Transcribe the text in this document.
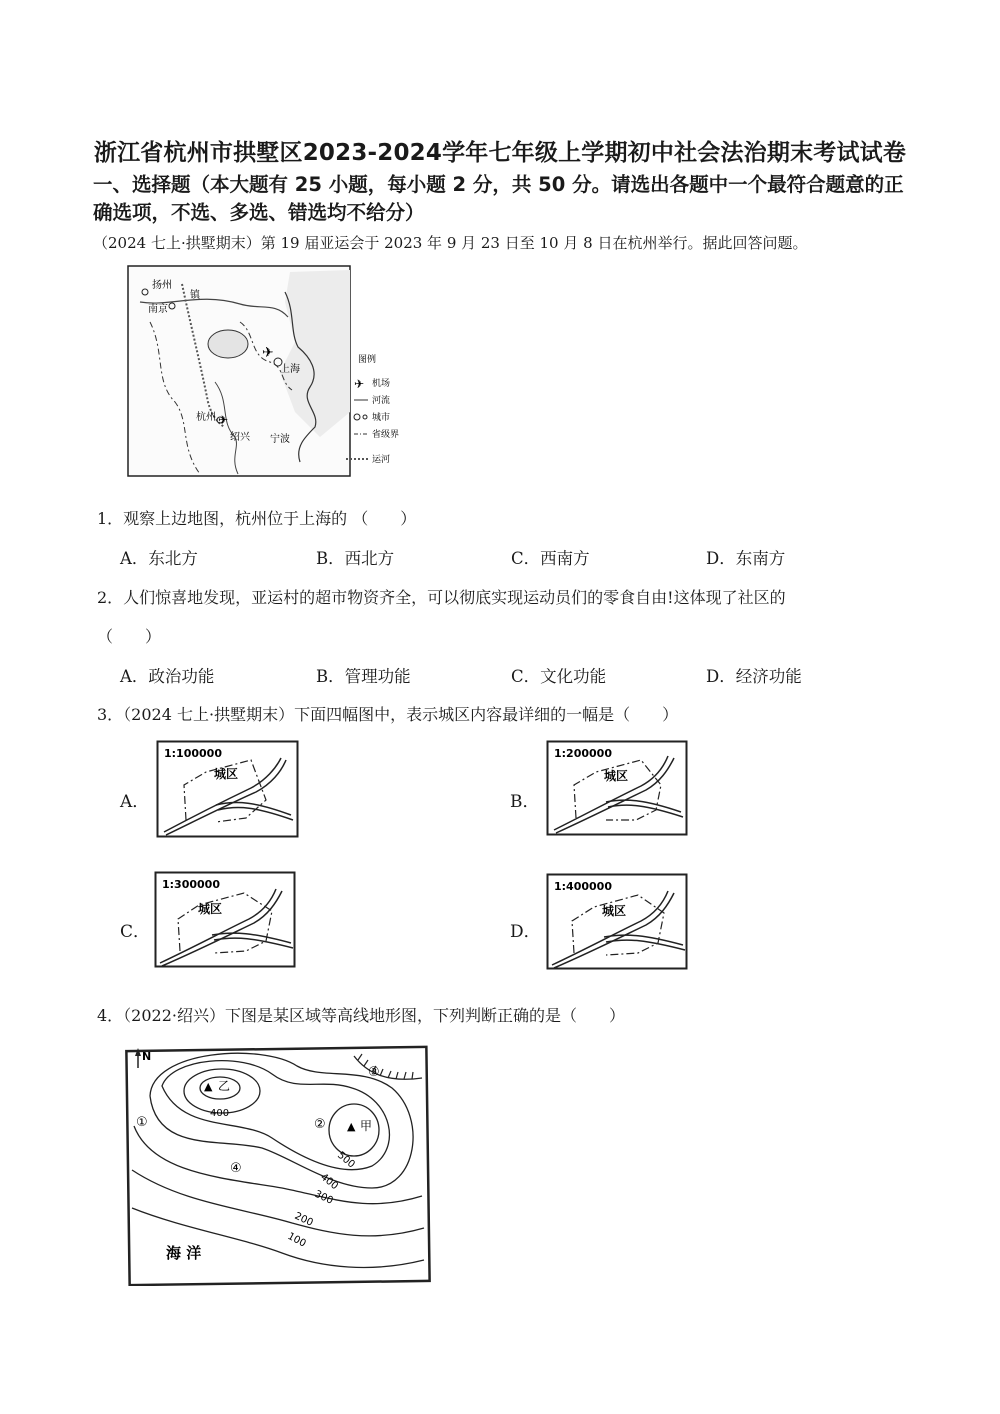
浙江省杭州市拱墅区2023-2024学年七年级上学期初中社会法治期末考试试卷
一、选择题（本大题有 25 小题，每小题 2 分，共 50 分。请选出各题中一个最符合题意的正
确选项，不选、多选、错选均不给分）
（2024 七上·拱墅期末）第 19 届亚运会于 2023 年 9 月 23 日至 10 月 8 日在杭州举行。据此回答问题。
扬州
南京
镇
上海
杭州
绍兴 宁波
✈
✈
图例
✈ 机场
河流
城市
省级界
运河
1．观察上边地图，杭州位于上海的 （　　）
A．东北方	B．西北方	C．西南方	D．东南方
2．人们惊喜地发现，亚运村的超市物资齐全，可以彻底实现运动员们的零食自由!这体现了社区的
（　　）
A．政治功能	B．管理功能	C．文化功能	D．经济功能
3．（2024 七上·拱墅期末）下面四幅图中，表示城区内容最详细的一幅是（　　）
A．
1:100000
城区
B．
1:200000
城区
C．
1:300000
城区
D．
1:400000
城区
4．（2022·绍兴）下图是某区域等高线地形图，下列判断正确的是（　　）
N
400
500
400
300
200
100
▲ 乙
▲ 甲
①	②
③
④
海 洋
